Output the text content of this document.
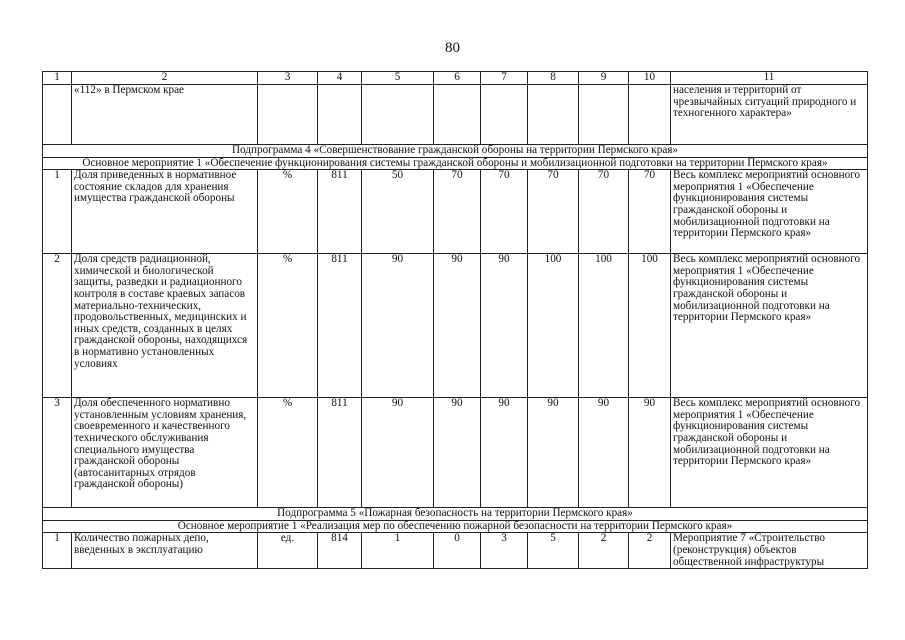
80
1	2	3	4	5	6	7	8	9	10	11
	«112» в Пермском крае									населения и территорий от чрезвычайных ситуаций природного и техногенного характера»
Подпрограмма 4 «Совершенствование гражданской обороны на территории Пермского края»										
Основное мероприятие 1 «Обеспечение функционирования системы гражданской обороны и мобилизационной подготовки на территории Пермского края»										
1	Доля приведенных в нормативное состояние складов для хранения имущества гражданской обороны	%	811	50	70	70	70	70	70	Весь комплекс мероприятий основного мероприятия 1 «Обеспечение функционирования системы гражданской обороны и мобилизационной подготовки на территории Пермского края»
2	Доля средств радиационной, химической и биологической защиты, разведки и радиационного контроля в составе краевых запасов материально-технических, продовольственных, медицинских и иных средств, созданных в целях гражданской обороны, находящихся в нормативно установленных условиях	%	811	90	90	90	100	100	100	Весь комплекс мероприятий основного мероприятия 1 «Обеспечение функционирования системы гражданской обороны и мобилизационной подготовки на территории Пермского края»
3	Доля обеспеченного нормативно установленным условиям хранения, своевременного и качественного технического обслуживания специального имущества гражданской обороны (автосанитарных отрядов гражданской обороны)	%	811	90	90	90	90	90	90	Весь комплекс мероприятий основного мероприятия 1 «Обеспечение функционирования системы гражданской обороны и мобилизационной подготовки на территории Пермского края»
Подпрограмма 5 «Пожарная безопасность на территории Пермского края»										
Основное мероприятие 1 «Реализация мер по обеспечению пожарной безопасности на территории Пермского края»										
1	Количество пожарных депо, введенных в эксплуатацию	ед.	814	1	0	3	5	2	2	Мероприятие 7 «Строительство (реконструкция) объектов общественной инфраструктуры
